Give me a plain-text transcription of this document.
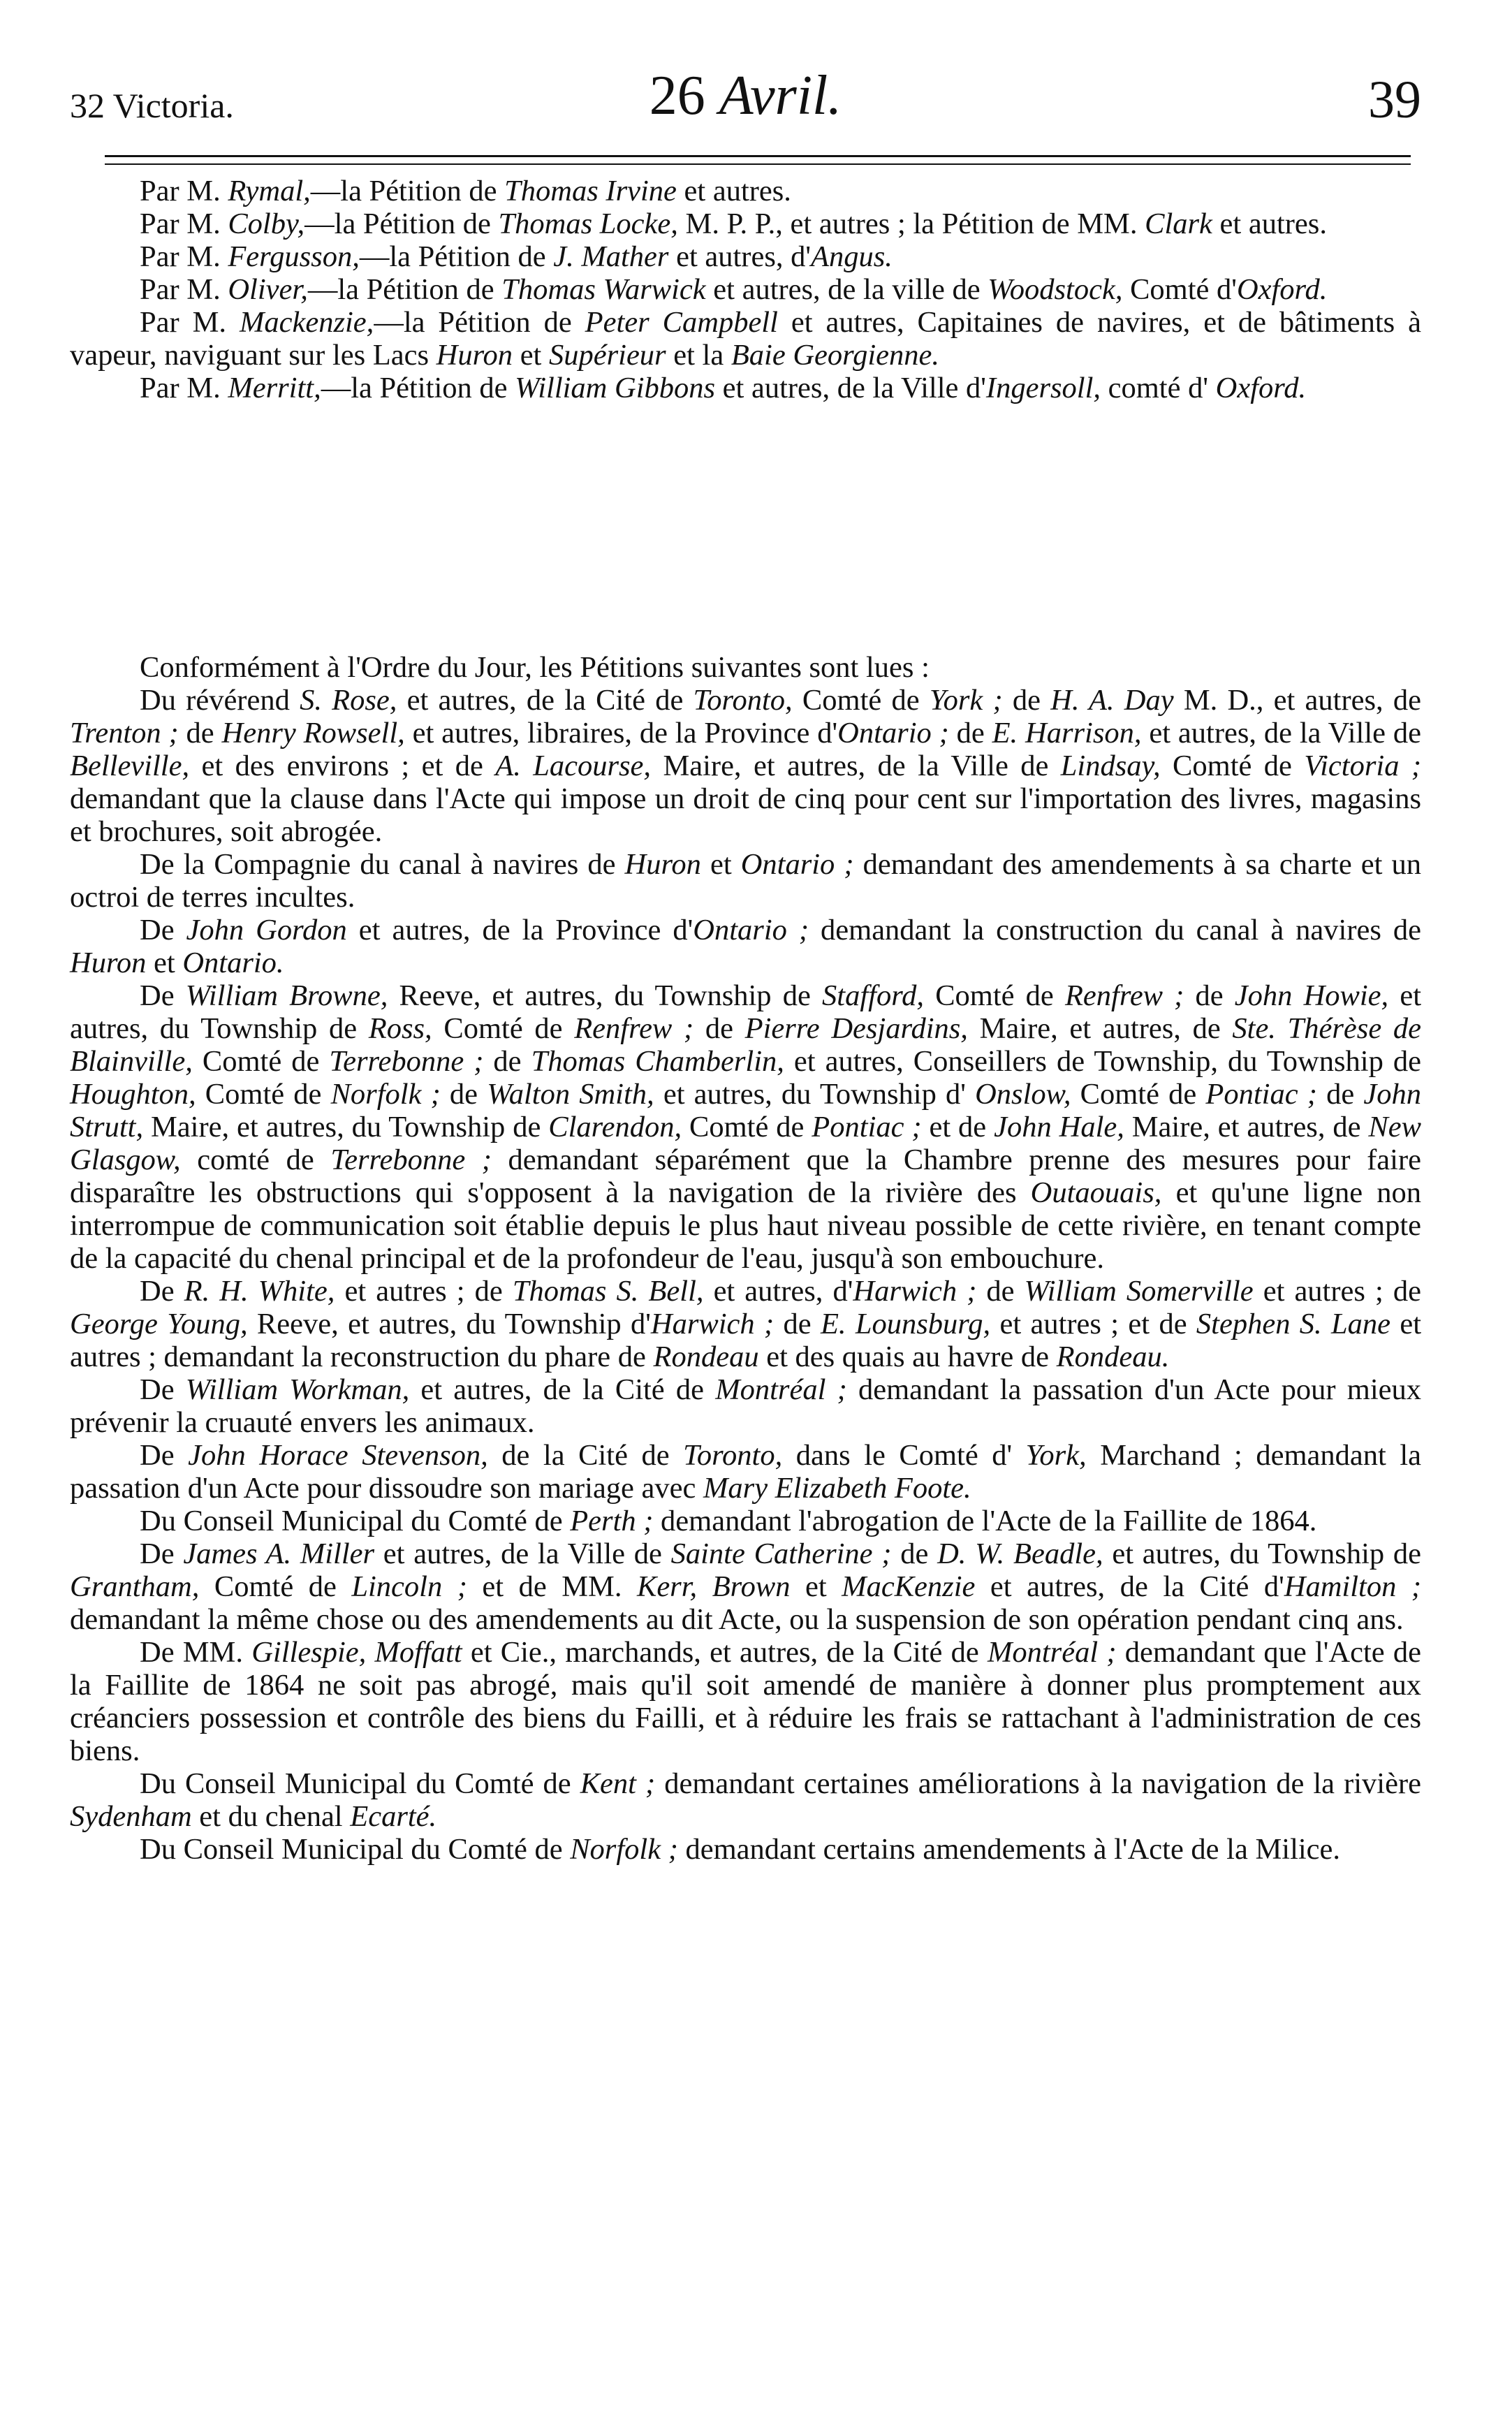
32 Victoria.	26 Avril.	39

Par M. Rymal,—la Pétition de Thomas Irvine et autres.

Par M. Colby,—la Pétition de Thomas Locke, M. P. P., et autres ; la Pétition de MM. Clark et autres.

Par M. Fergusson,—la Pétition de J. Mather et autres, d'Angus.

Par M. Oliver,—la Pétition de Thomas Warwick et autres, de la ville de Woodstock, Comté d'Oxford.

Par M. Mackenzie,—la Pétition de Peter Campbell et autres, Capitaines de navires, et de bâtiments à vapeur, naviguant sur les Lacs Huron et Supérieur et la Baie Georgienne.

Par M. Merritt,—la Pétition de William Gibbons et autres, de la Ville d'Ingersoll, comté d' Oxford.

Conformément à l'Ordre du Jour, les Pétitions suivantes sont lues :

Du révérend S. Rose, et autres, de la Cité de Toronto, Comté de York ; de H. A. Day M. D., et autres, de Trenton ; de Henry Rowsell, et autres, libraires, de la Province d'Ontario ; de E. Harrison, et autres, de la Ville de Belleville, et des environs ; et de A. Lacourse, Maire, et autres, de la Ville de Lindsay, Comté de Victoria ; demandant que la clause dans l'Acte qui impose un droit de cinq pour cent sur l'importation des livres, magasins et brochures, soit abrogée.

De la Compagnie du canal à navires de Huron et Ontario ; demandant des amendements à sa charte et un octroi de terres incultes.

De John Gordon et autres, de la Province d'Ontario ; demandant la construction du canal à navires de Huron et Ontario.

De William Browne, Reeve, et autres, du Township de Stafford, Comté de Renfrew ; de John Howie, et autres, du Township de Ross, Comté de Renfrew ; de Pierre Desjardins, Maire, et autres, de Ste. Thérèse de Blainville, Comté de Terrebonne ; de Thomas Chamberlin, et autres, Conseillers de Township, du Township de Houghton, Comté de Norfolk ; de Walton Smith, et autres, du Township d' Onslow, Comté de Pontiac ; de John Strutt, Maire, et autres, du Township de Clarendon, Comté de Pontiac ; et de John Hale, Maire, et autres, de New Glasgow, comté de Terrebonne ; demandant séparément que la Chambre prenne des mesures pour faire disparaître les obstructions qui s'opposent à la navigation de la rivière des Outaouais, et qu'une ligne non interrompue de communication soit établie depuis le plus haut niveau possible de cette rivière, en tenant compte de la capacité du chenal principal et de la profondeur de l'eau, jusqu'à son embouchure.

De R. H. White, et autres ; de Thomas S. Bell, et autres, d'Harwich ; de William Somerville et autres ; de George Young, Reeve, et autres, du Township d'Harwich ; de E. Lounsburg, et autres ; et de Stephen S. Lane et autres ; demandant la reconstruction du phare de Rondeau et des quais au havre de Rondeau.

De William Workman, et autres, de la Cité de Montréal ; demandant la passation d'un Acte pour mieux prévenir la cruauté envers les animaux.

De John Horace Stevenson, de la Cité de Toronto, dans le Comté d' York, Marchand ; demandant la passation d'un Acte pour dissoudre son mariage avec Mary Elizabeth Foote.

Du Conseil Municipal du Comté de Perth ; demandant l'abrogation de l'Acte de la Faillite de 1864.

De James A. Miller et autres, de la Ville de Sainte Catherine ; de D. W. Beadle, et autres, du Township de Grantham, Comté de Lincoln ; et de MM. Kerr, Brown et MacKenzie et autres, de la Cité d'Hamilton ; demandant la même chose ou des amendements au dit Acte, ou la suspension de son opération pendant cinq ans.

De MM. Gillespie, Moffatt et Cie., marchands, et autres, de la Cité de Montréal ; demandant que l'Acte de la Faillite de 1864 ne soit pas abrogé, mais qu'il soit amendé de manière à donner plus promptement aux créanciers possession et contrôle des biens du Failli, et à réduire les frais se rattachant à l'administration de ces biens.

Du Conseil Municipal du Comté de Kent ; demandant certaines améliorations à la navigation de la rivière Sydenham et du chenal Ecarté.

Du Conseil Municipal du Comté de Norfolk ; demandant certains amendements à l'Acte de la Milice.
